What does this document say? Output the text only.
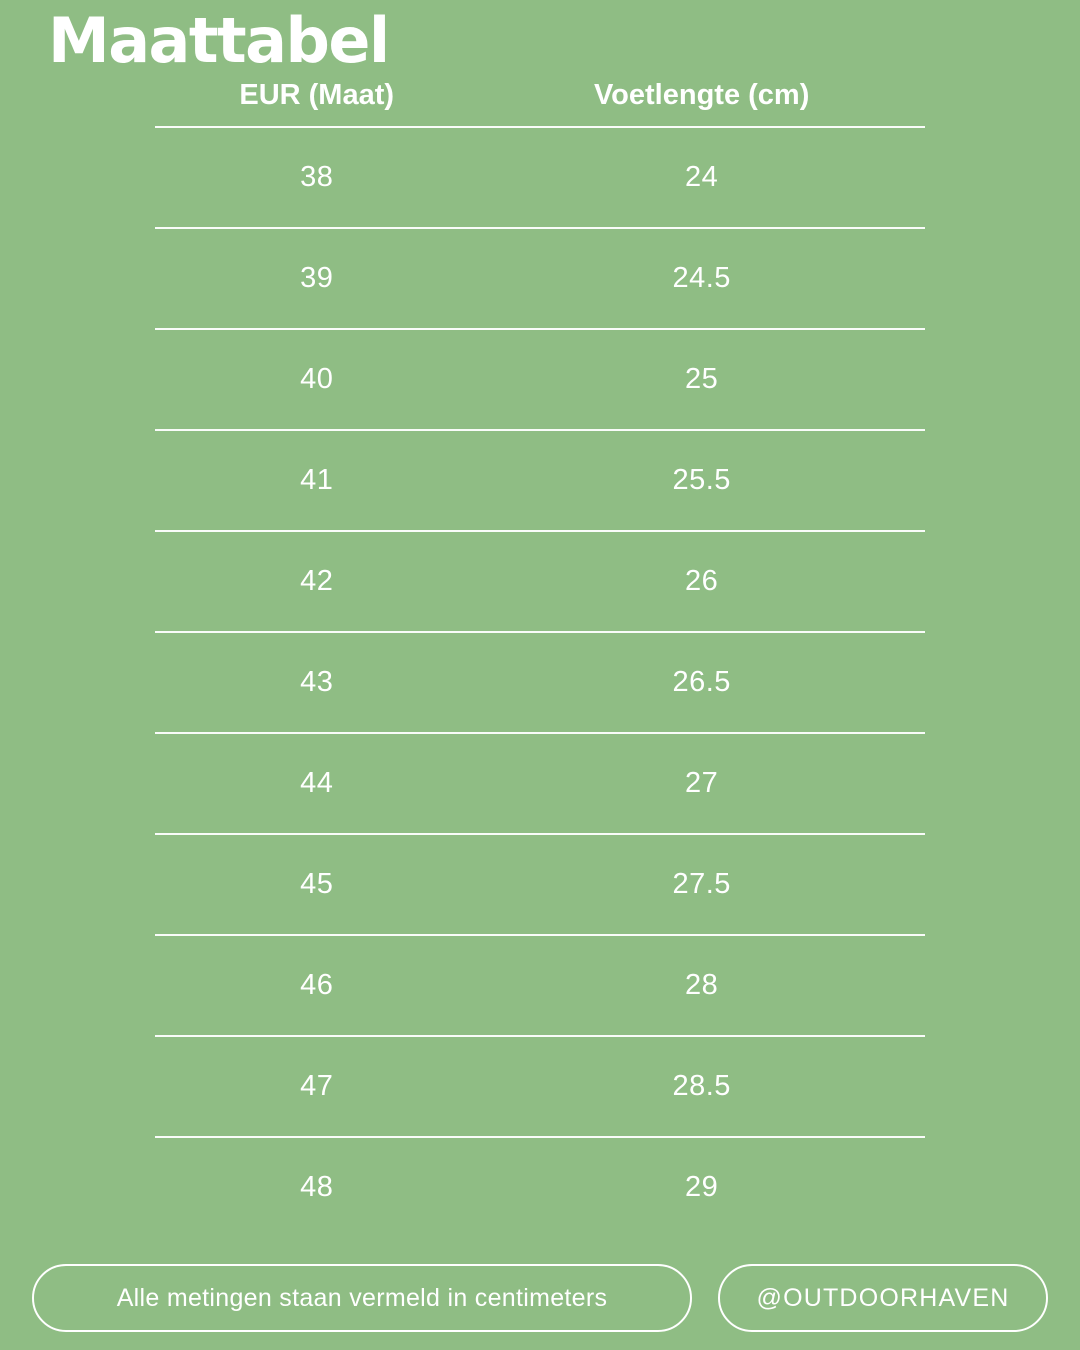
Maattabel
EUR (Maat)	Voetlengte (cm)
38	24
39	24.5
40	25
41	25.5
42	26
43	26.5
44	27
45	27.5
46	28
47	28.5
48	29
Alle metingen staan vermeld in centimeters	@OUTDOORHAVEN
